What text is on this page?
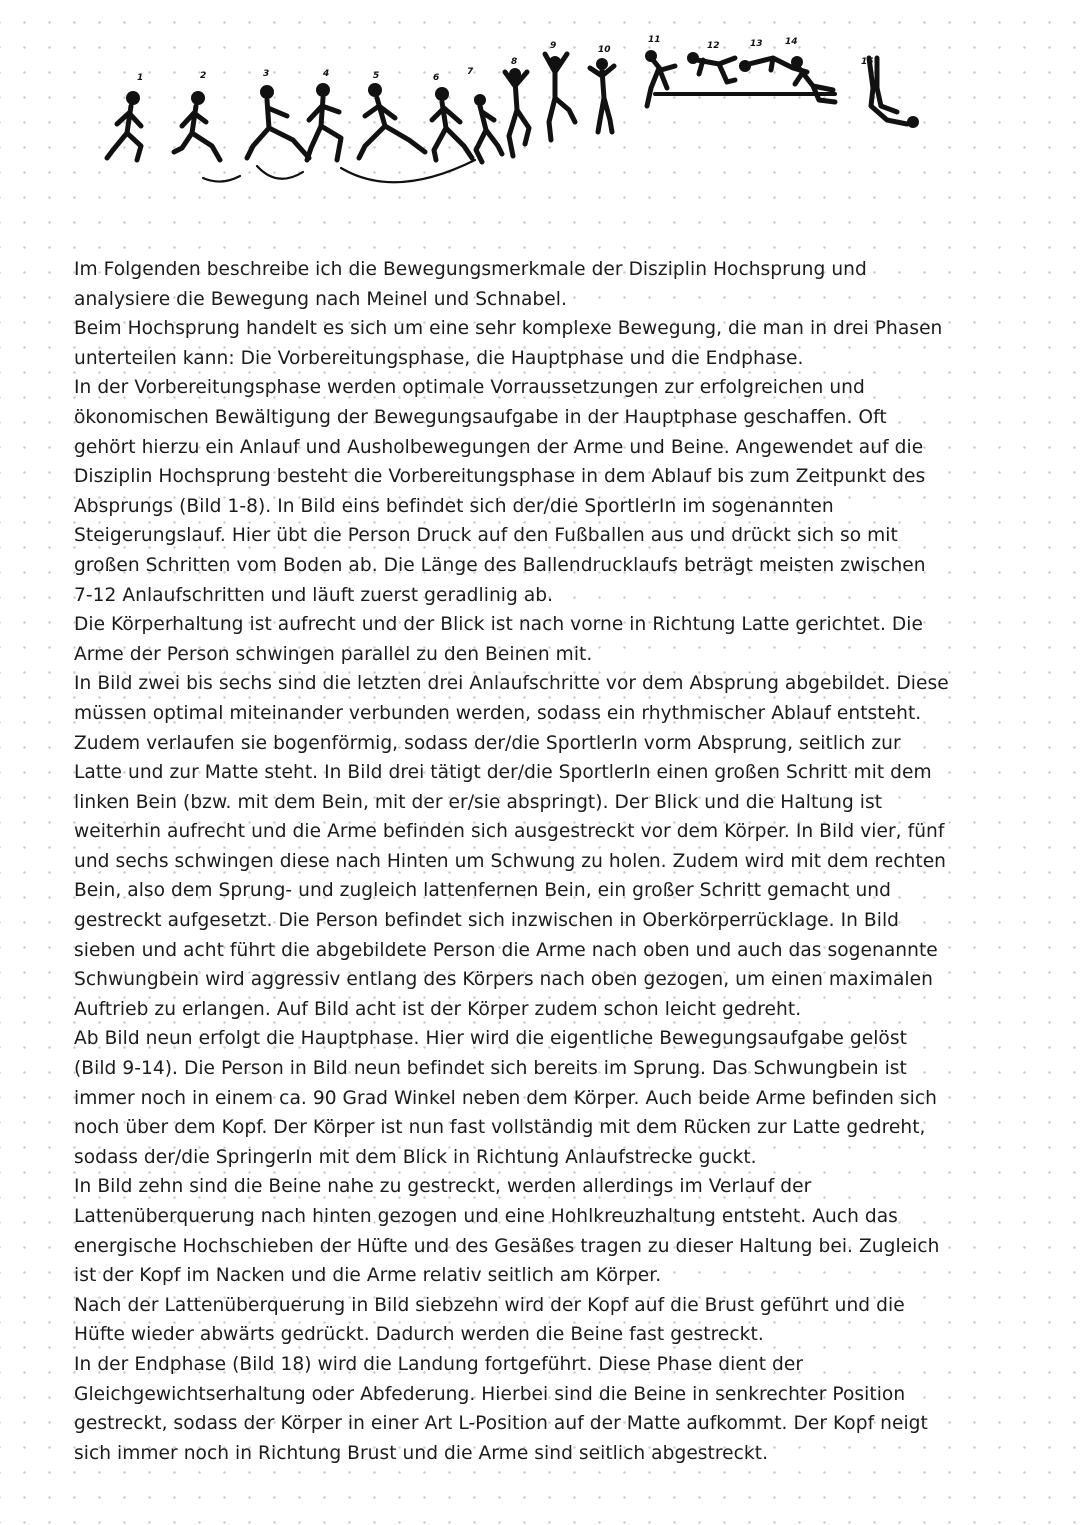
1	2	3	4	5	6
7
8
9	10
11
12	13 14
15
Im Folgenden beschreibe ich die Bewegungsmerkmale der Disziplin Hochsprung und
analysiere die Bewegung nach Meinel und Schnabel.
Beim Hochsprung handelt es sich um eine sehr komplexe Bewegung, die man in drei Phasen
unterteilen kann: Die Vorbereitungsphase, die Hauptphase und die Endphase.
In der Vorbereitungsphase werden optimale Vorraussetzungen zur erfolgreichen und
ökonomischen Bewältigung der Bewegungsaufgabe in der Hauptphase geschaffen. Oft
gehört hierzu ein Anlauf und Ausholbewegungen der Arme und Beine. Angewendet auf die
Disziplin Hochsprung besteht die Vorbereitungsphase in dem Ablauf bis zum Zeitpunkt des
Absprungs (Bild 1-8). In Bild eins befindet sich der/die SportlerIn im sogenannten
Steigerungslauf. Hier übt die Person Druck auf den Fußballen aus und drückt sich so mit
großen Schritten vom Boden ab. Die Länge des Ballendrucklaufs beträgt meisten zwischen
7-12 Anlaufschritten und läuft zuerst geradlinig ab.
Die Körperhaltung ist aufrecht und der Blick ist nach vorne in Richtung Latte gerichtet. Die
Arme der Person schwingen parallel zu den Beinen mit.
In Bild zwei bis sechs sind die letzten drei Anlaufschritte vor dem Absprung abgebildet. Diese
müssen optimal miteinander verbunden werden, sodass ein rhythmischer Ablauf entsteht.
Zudem verlaufen sie bogenförmig, sodass der/die SportlerIn vorm Absprung, seitlich zur
Latte und zur Matte steht. In Bild drei tätigt der/die SportlerIn einen großen Schritt mit dem
linken Bein (bzw. mit dem Bein, mit der er/sie abspringt). Der Blick und die Haltung ist
weiterhin aufrecht und die Arme befinden sich ausgestreckt vor dem Körper. In Bild vier, fünf
und sechs schwingen diese nach Hinten um Schwung zu holen. Zudem wird mit dem rechten
Bein, also dem Sprung- und zugleich lattenfernen Bein, ein großer Schritt gemacht und
gestreckt aufgesetzt. Die Person befindet sich inzwischen in Oberkörperrücklage. In Bild
sieben und acht führt die abgebildete Person die Arme nach oben und auch das sogenannte
Schwungbein wird aggressiv entlang des Körpers nach oben gezogen, um einen maximalen
Auftrieb zu erlangen. Auf Bild acht ist der Körper zudem schon leicht gedreht.
Ab Bild neun erfolgt die Hauptphase. Hier wird die eigentliche Bewegungsaufgabe gelöst
(Bild 9-14). Die Person in Bild neun befindet sich bereits im Sprung. Das Schwungbein ist
immer noch in einem ca. 90 Grad Winkel neben dem Körper. Auch beide Arme befinden sich
noch über dem Kopf. Der Körper ist nun fast vollständig mit dem Rücken zur Latte gedreht,
sodass der/die SpringerIn mit dem Blick in Richtung Anlaufstrecke guckt.
In Bild zehn sind die Beine nahe zu gestreckt, werden allerdings im Verlauf der
Lattenüberquerung nach hinten gezogen und eine Hohlkreuzhaltung entsteht. Auch das
energische Hochschieben der Hüfte und des Gesäßes tragen zu dieser Haltung bei. Zugleich
ist der Kopf im Nacken und die Arme relativ seitlich am Körper.
Nach der Lattenüberquerung in Bild siebzehn wird der Kopf auf die Brust geführt und die
Hüfte wieder abwärts gedrückt. Dadurch werden die Beine fast gestreckt.
In der Endphase (Bild 18) wird die Landung fortgeführt. Diese Phase dient der
Gleichgewichtserhaltung oder Abfederung. Hierbei sind die Beine in senkrechter Position
gestreckt, sodass der Körper in einer Art L-Position auf der Matte aufkommt. Der Kopf neigt
sich immer noch in Richtung Brust und die Arme sind seitlich abgestreckt.
